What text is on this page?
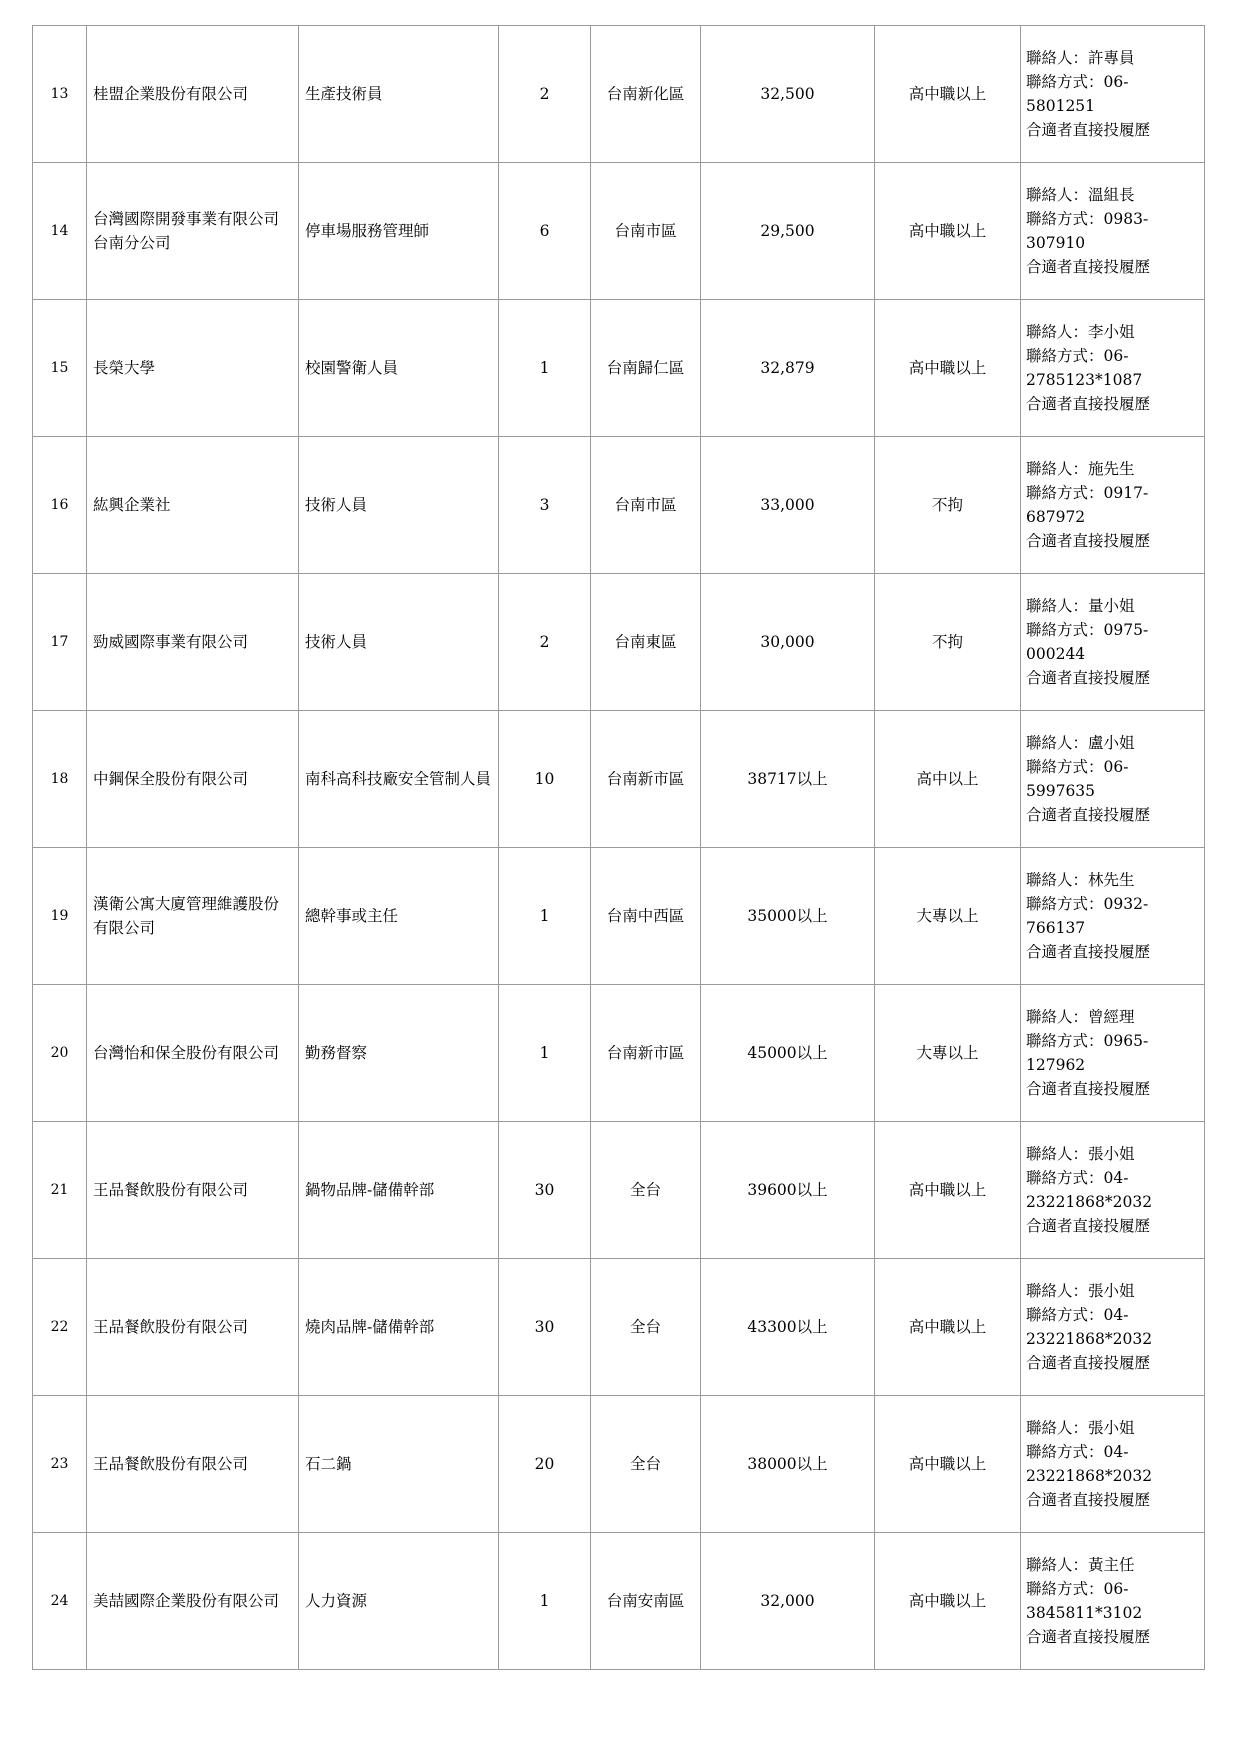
13	桂盟企業股份有限公司	生產技術員	2	台南新化區	32,500	高中職以上	聯絡人：許專員
聯絡方式：06-
5801251
合適者直接投履歷

14	台灣國際開發事業有限公司台南分公司	停車場服務管理師	6	台南市區	29,500	高中職以上	聯絡人：溫組長
聯絡方式：0983-
307910
合適者直接投履歷

15	長榮大學	校園警衛人員	1	台南歸仁區	32,879	高中職以上	聯絡人：李小姐
聯絡方式：06-
2785123*1087
合適者直接投履歷

16	紘興企業社	技術人員	3	台南市區	33,000	不拘	聯絡人：施先生
聯絡方式：0917-
687972
合適者直接投履歷

17	勁威國際事業有限公司	技術人員	2	台南東區	30,000	不拘	聯絡人：量小姐
聯絡方式：0975-
000244
合適者直接投履歷

18	中鋼保全股份有限公司	南科高科技廠安全管制人員	10	台南新市區	38717以上	高中以上	聯絡人：盧小姐
聯絡方式：06-
5997635
合適者直接投履歷

19	漢衛公寓大廈管理維護股份有限公司	總幹事或主任	1	台南中西區	35000以上	大專以上	聯絡人：林先生
聯絡方式：0932-
766137
合適者直接投履歷

20	台灣怡和保全股份有限公司	勤務督察	1	台南新市區	45000以上	大專以上	聯絡人：曾經理
聯絡方式：0965-
127962
合適者直接投履歷

21	王品餐飲股份有限公司	鍋物品牌-儲備幹部	30	全台	39600以上	高中職以上	聯絡人：張小姐
聯絡方式：04-
23221868*2032
合適者直接投履歷

22	王品餐飲股份有限公司	燒肉品牌-儲備幹部	30	全台	43300以上	高中職以上	聯絡人：張小姐
聯絡方式：04-
23221868*2032
合適者直接投履歷

23	王品餐飲股份有限公司	石二鍋	20	全台	38000以上	高中職以上	聯絡人：張小姐
聯絡方式：04-
23221868*2032
合適者直接投履歷

24	美喆國際企業股份有限公司	人力資源	1	台南安南區	32,000	高中職以上	聯絡人：黃主任
聯絡方式：06-
3845811*3102
合適者直接投履歷
